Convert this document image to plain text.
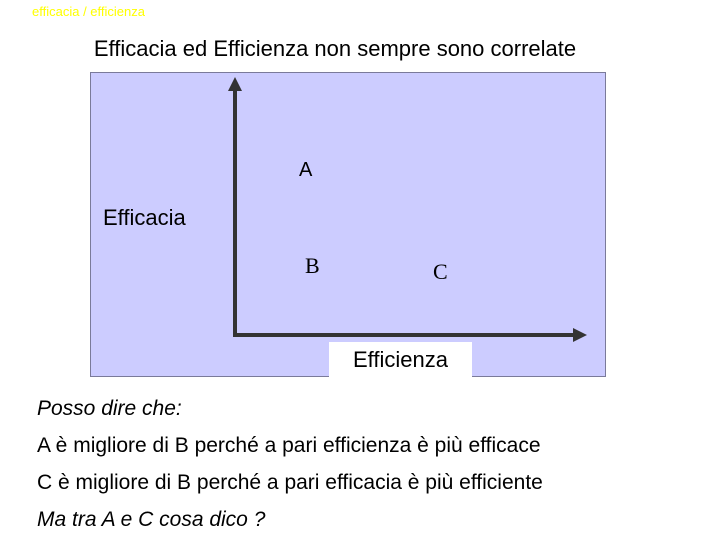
efficacia / efficienza
Efficacia ed Efficienza non sempre sono correlate
A
B	C
Efficacia
Efficienza
Posso dire che:
A è migliore di B perché a pari efficienza è più efficace
C è migliore di B perché a pari efficacia è più efficiente
Ma tra A e C cosa dico ?
